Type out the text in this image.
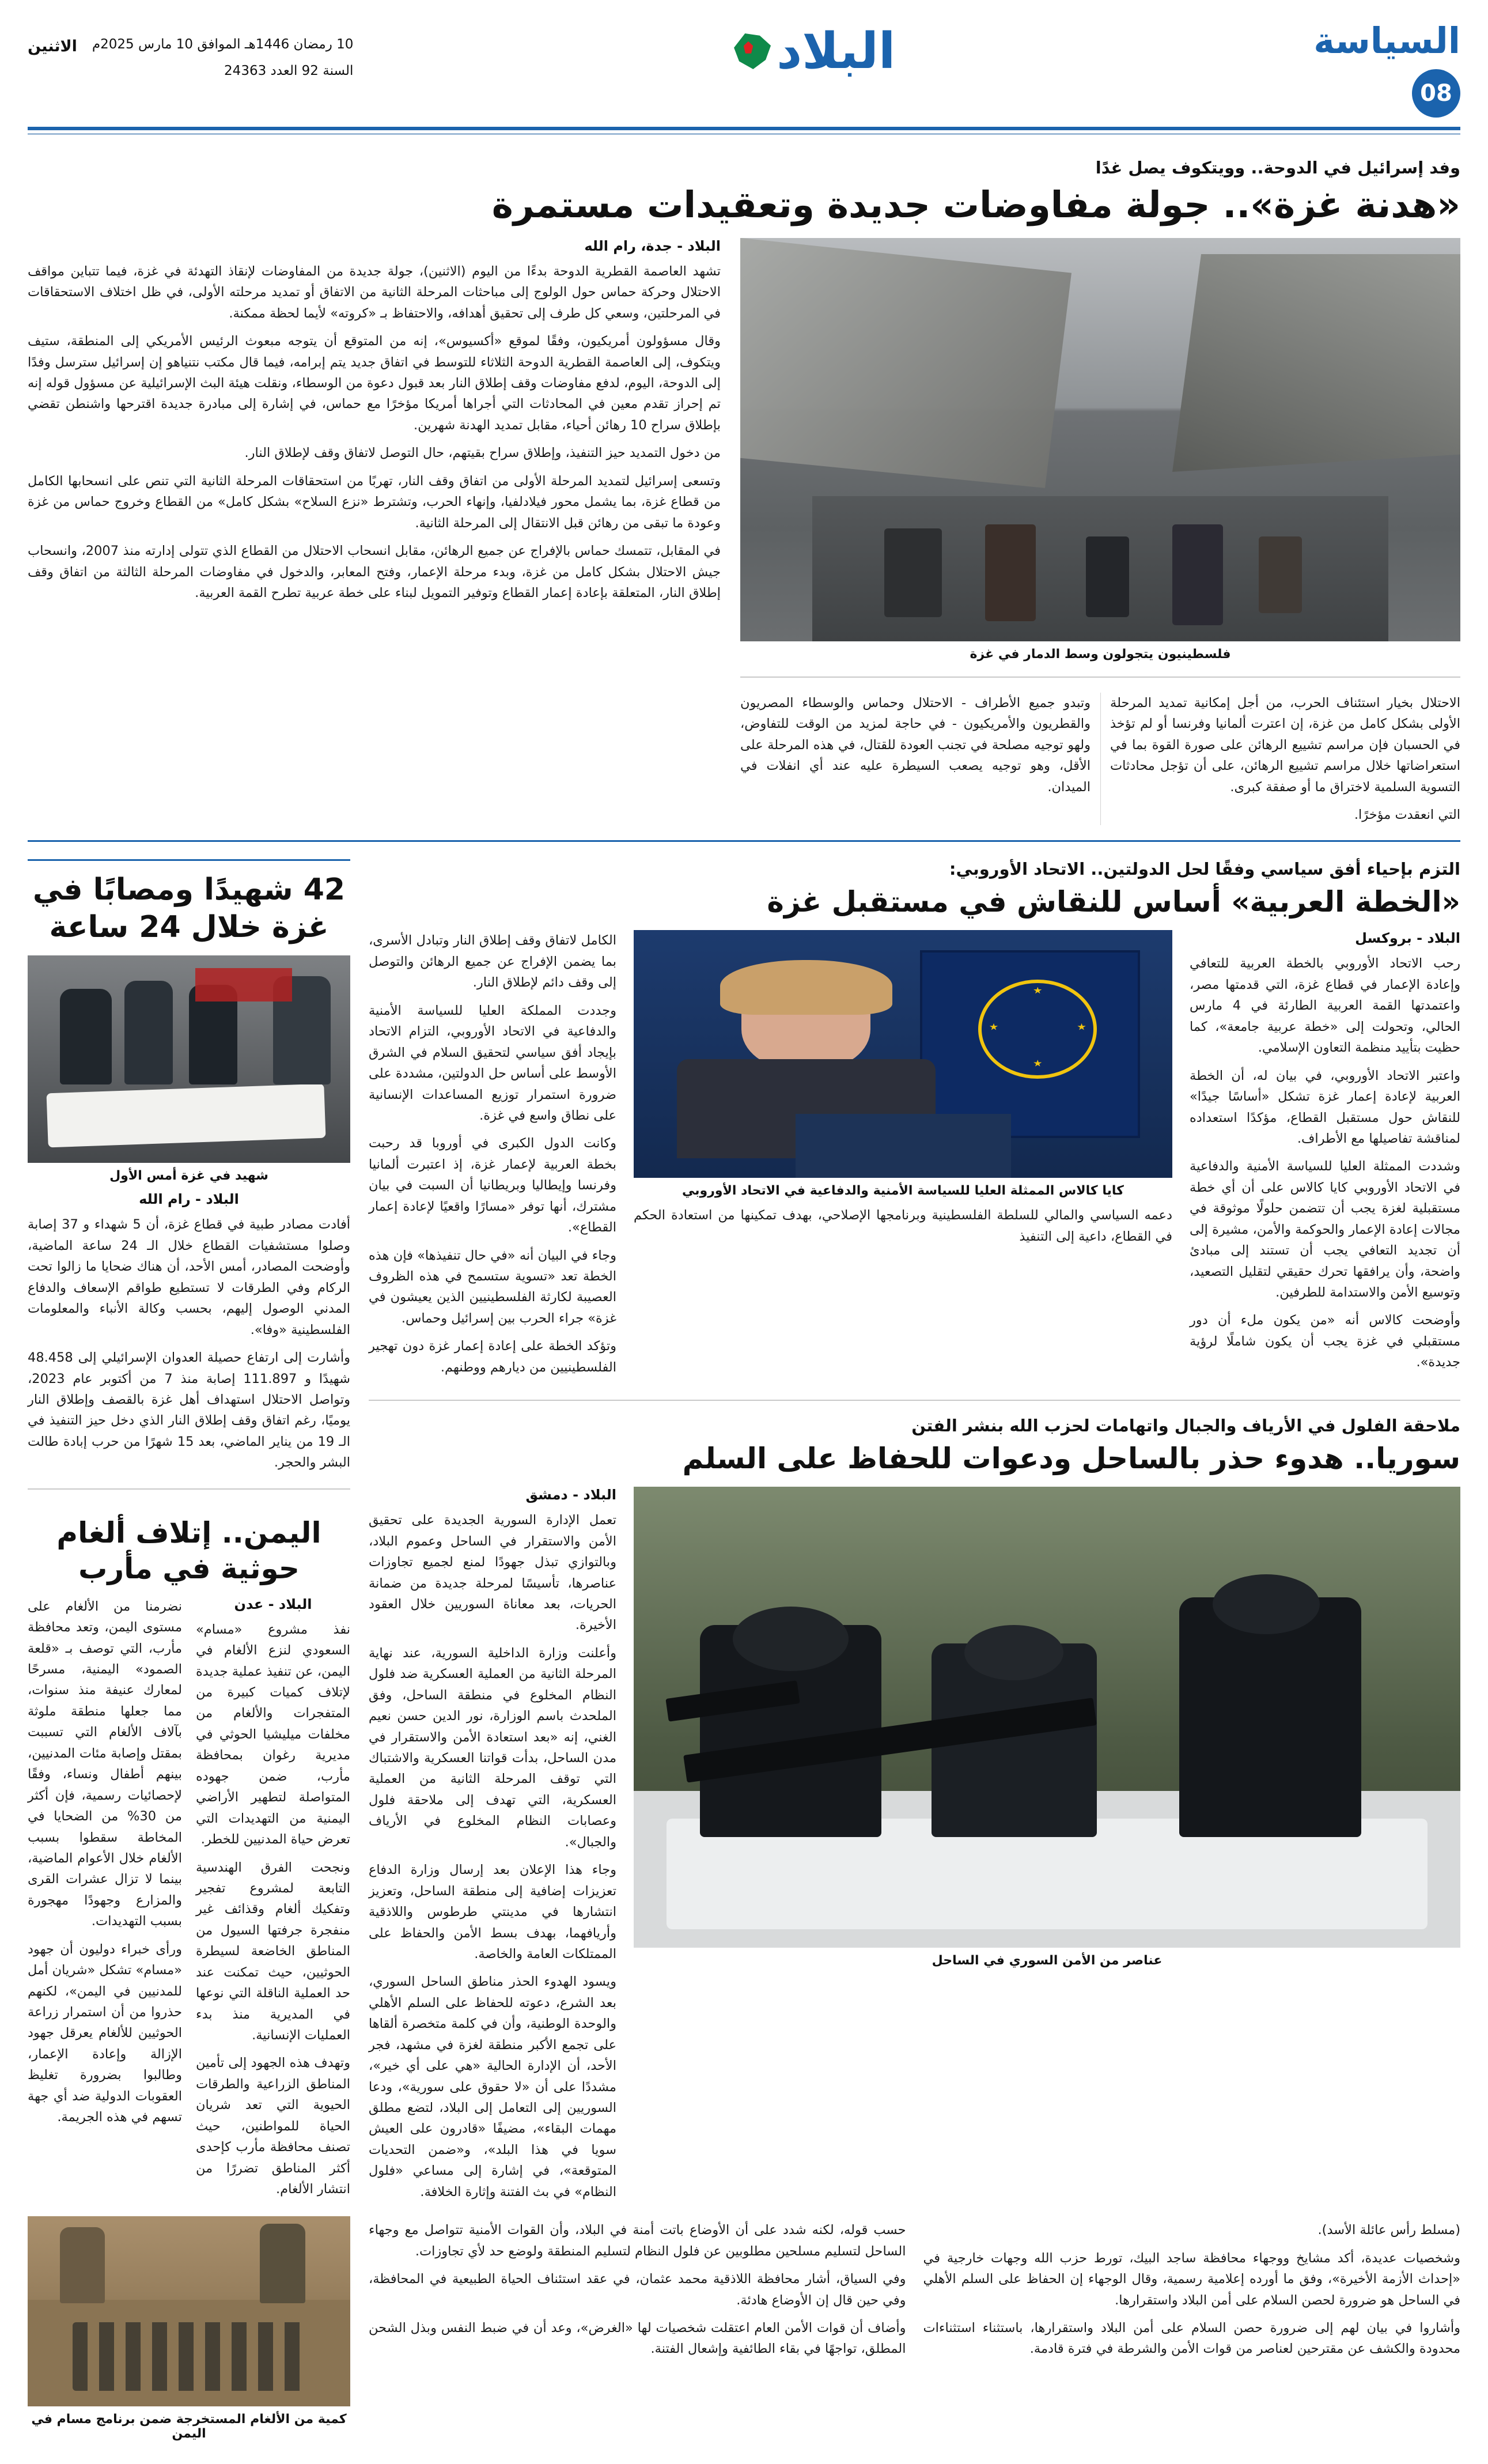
السياسة
08
البلاد
10 رمضان 1446هـ الموافق 10 مارس 2025م
الاثنين
السنة 92 العدد 24363
وفد إسرائيل في الدوحة.. وويتكوف يصل غدًا
«هدنة غزة».. جولة مفاوضات جديدة وتعقيدات مستمرة
فلسطينيون يتجولون وسط الدمار في غزة

الاحتلال بخيار استئناف الحرب، من أجل إمكانية تمديد المرحلة الأولى بشكل كامل من غزة، إن اعترت ألمانيا وفرنسا أو لم تؤخذ في الحسبان فإن مراسم تشييع الرهائن على صورة القوة بما في استعراضاتها خلال مراسم تشييع الرهائن، على أن تؤجل محادثات التسوية السلمية لاختراق ما أو صفقة كبرى.

التي انعقدت مؤخرًا.

وتبدو جميع الأطراف - الاحتلال وحماس والوسطاء المصريون والقطريون والأمريكيون - في حاجة لمزيد من الوقت للتفاوض، ولهو توجيه مصلحة في تجنب العودة للقتال، في هذه المرحلة على الأقل، وهو توجيه يصعب السيطرة عليه عند أي انفلات في الميدان.

البلاد - جدة، رام الله

تشهد العاصمة القطرية الدوحة بدءًا من اليوم (الاثنين)، جولة جديدة من المفاوضات لإنقاذ التهدئة في غزة، فيما تتباين مواقف الاحتلال وحركة حماس حول الولوج إلى مباحثات المرحلة الثانية من الاتفاق أو تمديد مرحلته الأولى، في ظل اختلاف الاستحقاقات في المرحلتين، وسعي كل طرف إلى تحقيق أهدافه، والاحتفاظ بـ «كروته» لأيما لحظة ممكنة.

وقال مسؤولون أمريكيون، وفقًا لموقع «أكسيوس»، إنه من المتوقع أن يتوجه مبعوث الرئيس الأمريكي إلى المنطقة، ستيف ويتكوف، إلى العاصمة القطرية الدوحة الثلاثاء للتوسط في اتفاق جديد يتم إبرامه، فيما قال مكتب نتنياهو إن إسرائيل سترسل وفدًا إلى الدوحة، اليوم، لدفع مفاوضات وقف إطلاق النار بعد قبول دعوة من الوسطاء، ونقلت هيئة البث الإسرائيلية عن مسؤول قوله إنه تم إحراز تقدم معين في المحادثات التي أجراها أمريكا مؤخرًا مع حماس، في إشارة إلى مبادرة جديدة اقترحها واشنطن تقضي بإطلاق سراح 10 رهائن أحياء، مقابل تمديد الهدنة شهرين.

من دخول التمديد حيز التنفيذ، وإطلاق سراح بقيتهم، حال التوصل لاتفاق وقف لإطلاق النار.

وتسعى إسرائيل لتمديد المرحلة الأولى من اتفاق وقف النار، تهربًا من استحقاقات المرحلة الثانية التي تنص على انسحابها الكامل من قطاع غزة، بما يشمل محور فيلادلفيا، وإنهاء الحرب، وتشترط «نزع السلاح» بشكل كامل» من القطاع وخروج حماس من غزة وعودة ما تبقى من رهائن قبل الانتقال إلى المرحلة الثانية.

في المقابل، تتمسك حماس بالإفراج عن جميع الرهائن، مقابل انسحاب الاحتلال من القطاع الذي تتولى إدارته منذ 2007، وانسحاب جيش الاحتلال بشكل كامل من غزة، وبدء مرحلة الإعمار، وفتح المعابر، والدخول في مفاوضات المرحلة الثالثة من اتفاق وقف إطلاق النار، المتعلقة بإعادة إعمار القطاع وتوفير التمويل لبناء على خطة عربية تطرح القمة العربية.

التزم بإحياء أفق سياسي وفقًا لحل الدولتين.. الاتحاد الأوروبي:
«الخطة العربية» أساس للنقاش في مستقبل غزة
البلاد - بروكسل

رحب الاتحاد الأوروبي بالخطة العربية للتعافي وإعادة الإعمار في قطاع غزة، التي قدمتها مصر، واعتمدتها القمة العربية الطارئة في 4 مارس الحالي، وتحولت إلى «خطة عربية جامعة»، كما حظيت بتأييد منظمة التعاون الإسلامي.

واعتبر الاتحاد الأوروبي، في بيان له، أن الخطة العربية لإعادة إعمار غزة تشكل «أساسًا جيدًا» للنقاش حول مستقبل القطاع، مؤكدًا استعداده لمناقشة تفاصيلها مع الأطراف.

وشددت الممثلة العليا للسياسة الأمنية والدفاعية في الاتحاد الأوروبي كايا كالاس على أن أي خطة مستقبلية لغزة يجب أن تتضمن حلولًا موثوقة في مجالات إعادة الإعمار والحوكمة والأمن، مشيرة إلى أن تجديد التعافي يجب أن تستند إلى مبادئ واضحة، وأن يرافقها تحرك حقيقي لتقليل التصعيد، وتوسيع الأمن والاستدامة للطرفين.

وأوضحت كالاس أنه «من يكون ملء أن دور مستقبلي في غزة يجب أن يكون شاملًا لرؤية جديدة».

كايا كالاس الممثلة العليا للسياسة الأمنية والدفاعية في الاتحاد الأوروبي

دعمه السياسي والمالي للسلطة الفلسطينية وبرنامجها الإصلاحي، بهدف تمكينها من استعادة الحكم في القطاع، داعية إلى التنفيذ

الكامل لاتفاق وقف إطلاق النار وتبادل الأسرى، بما يضمن الإفراج عن جميع الرهائن والتوصل إلى وقف دائم لإطلاق النار.

وجددت المملكة العليا للسياسة الأمنية والدفاعية في الاتحاد الأوروبي، التزام الاتحاد بإيجاد أفق سياسي لتحقيق السلام في الشرق الأوسط على أساس حل الدولتين، مشددة على ضرورة استمرار توزيع المساعدات الإنسانية على نطاق واسع في غزة.

وكانت الدول الكبرى في أوروبا قد رحبت بخطة العربية لإعمار غزة، إذ اعتبرت ألمانيا وفرنسا وإيطاليا وبريطانيا أن السبت في بيان مشترك، أنها توفر «مسارًا واقعيًا لإعادة إعمار القطاع».

وجاء في البيان أنه «في حال تنفيذها» فإن هذه الخطة تعد «تسوية ستسمح في هذه الظروف العصيبة لكارثة الفلسطينيين الذين يعيشون في غزة» جراء الحرب بين إسرائيل وحماس.

وتؤكد الخطة على إعادة إعمار غزة دون تهجير الفلسطينيين من ديارهم ووطنهم.

ملاحقة الفلول في الأرياف والجبال واتهامات لحزب الله بنشر الفتن
سوريا.. هدوء حذر بالساحل ودعوات للحفاظ على السلم
عناصر من الأمن السوري في الساحل
البلاد - دمشق

تعمل الإدارة السورية الجديدة على تحقيق الأمن والاستقرار في الساحل وعموم البلاد، وبالتوازي تبذل جهودًا لمنع لجميع تجاوزات عناصرها، تأسيسًا لمرحلة جديدة من ضمانة الحريات، بعد معاناة السوريين خلال العقود الأخيرة.

وأعلنت وزارة الداخلية السورية، عند نهاية المرحلة الثانية من العملية العسكرية ضد فلول النظام المخلوع في منطقة الساحل، وفق الملحدث باسم الوزارة، نور الدين حسن نعيم الغني، إنه «بعد استعادة الأمن والاستقرار في مدن الساحل، بدأت قواتنا العسكرية والاشتباك التي توقف المرحلة الثانية من العملية العسكرية، التي تهدف إلى ملاحقة فلول وعصابات النظام المخلوع في الأرياف والجبال».

وجاء هذا الإعلان بعد إرسال وزارة الدفاع تعزيزات إضافية إلى منطقة الساحل، وتعزيز انتشارها في مدينتي طرطوس واللاذقية وأريافهما، بهدف بسط الأمن والحفاظ على الممتلكات العامة والخاصة.

ويسود الهدوء الحذر مناطق الساحل السوري، بعد الشرع، دعوته للحفاظ على السلم الأهلي والوحدة الوطنية، وأن في كلمة متخصرة ألقاها على تجمع الأكبر منطقة لغزة في مشهد، فجر الأحد، أن الإدارة الحالية «هي على أي خير»، مشددًا على أن «لا حقوق على سورية»، ودعا السوريين إلى التعامل إلى البلاد، لتضع مطلق مهمات البقاء»، مضيفًا «قادرون على العيش سويا في هذا البلد»، و«ضمن التحديات المتوقعة»، في إشارة إلى مساعي «فلول النظام» في بث الفتنة وإثارة الخلافة.

(مسلط رأس عائلة الأسد).

وشخصيات عديدة، أكد مشايخ ووجهاء محافظة ساجد البيك، تورط حزب الله وجهات خارجية في «إحداث الأزمة الأخيرة»، وفق ما أورده إعلامية رسمية، وقال الوجهاء إن الحفاظ على السلم الأهلي في الساحل هو ضرورة لحصن السلام على أمن البلاد واستقرارها.

وأشاروا في بيان لهم إلى ضرورة حصن السلام على أمن البلاد واستقرارها، باستثناء استثناءات محدودة والكشف عن مقترحين لعناصر من قوات الأمن والشرطة في فترة قادمة.

حسب قوله، لكنه شدد على أن الأوضاع باتت أمنة في البلاد، وأن القوات الأمنية تتواصل مع وجهاء الساحل لتسليم مسلحين مطلوبين عن فلول النظام لتسليم المنطقة ولوضع حد لأي تجاوزات.

وفي السياق، أشار محافظة اللاذقية محمد عثمان، في عقد استئناف الحياة الطبيعية في المحافظة، وفي حين قال إن الأوضاع هادئة.

وأضاف أن قوات الأمن العام اعتقلت شخصيات لها «الغرض»، وعد أن في ضبط النفس وبذل الشحن المطلق، تواجهًا في بقاء الطائفية وإشعال الفتنة.

42 شهيدًا ومصابًا في غزة خلال 24 ساعة
شهيد في غزة أمس الأول
البلاد - رام الله

أفادت مصادر طبية في قطاع غزة، أن 5 شهداء و 37 إصابة وصلوا مستشفيات القطاع خلال الـ 24 ساعة الماضية، وأوضحت المصادر، أمس الأحد، أن هناك ضحايا ما زالوا تحت الركام وفي الطرقات لا تستطيع طواقم الإسعاف والدفاع المدني الوصول إليهم، بحسب وكالة الأنباء والمعلومات الفلسطينية «وفا».

وأشارت إلى ارتفاع حصيلة العدوان الإسرائيلي إلى 48.458 شهيدًا و 111.897 إصابة منذ 7 من أكتوبر عام 2023، وتواصل الاحتلال استهداف أهل غزة بالقصف وإطلاق النار يوميًا، رغم اتفاق وقف إطلاق النار الذي دخل حيز التنفيذ في الـ 19 من يناير الماضي، بعد 15 شهرًا من حرب إبادة طالت البشر والحجر.

اليمن.. إتلاف ألغام حوثية في مأرب
البلاد - عدن

نفذ مشروع «مسام» السعودي لنزع الألغام في اليمن، عن تنفيذ عملية جديدة لإتلاف كميات كبيرة من المتفجرات والألغام من مخلفات ميليشيا الحوثي في مديرية رغوان بمحافظة مأرب، ضمن جهوده المتواصلة لتطهير الأراضي اليمنية من التهديدات التي تعرض حياة المدنيين للخطر.

ونجحت الفرق الهندسية التابعة لمشروع تفجير وتفكيك ألغام وقذائف غير منفجرة جرفتها السيول من المناطق الخاضعة لسيطرة الحوثيين، حيث تمكنت عند حد العملية الناقلة التي نوعها في المديرية منذ بدء العمليات الإنسانية.

وتهدف هذه الجهود إلى تأمين المناطق الزراعية والطرقات الحيوية التي تعد شريان الحياة للمواطنين، حيث تصنف محافظة مأرب كإحدى أكثر المناطق تضررًا من انتشار الألغام.

نضرمنا من الألغام على مستوى اليمن، وتعد محافظة مأرب، التي توصف بـ «قلعة الصمود» اليمنية، مسرحًا لمعارك عنيفة منذ سنوات، مما جعلها منطقة ملوثة بآلاف الألغام التي تسببت بمقتل وإصابة مئات المدنيين، بينهم أطفال ونساء، وفقًا لإحصائيات رسمية، فإن أكثر من 30% من الضحايا في المخاطة سقطوا بسبب الألغام خلال الأعوام الماضية، بينما لا تزال عشرات القرى والمزارع وجهودًا مهجورة بسبب التهديدات.

ورأى خبراء دوليون أن جهود «مسام» تشكل «شريان أمل للمدنيين في اليمن»، لكنهم حذروا من أن استمرار زراعة الحوثيين للألغام يعرقل جهود الإزالة وإعادة الإعمار، وطالبوا بضرورة تغليظ العقوبات الدولية ضد أي جهة تسهم في هذه الجريمة.

كمية من الألغام المستخرجة ضمن برنامج مسام في اليمن
